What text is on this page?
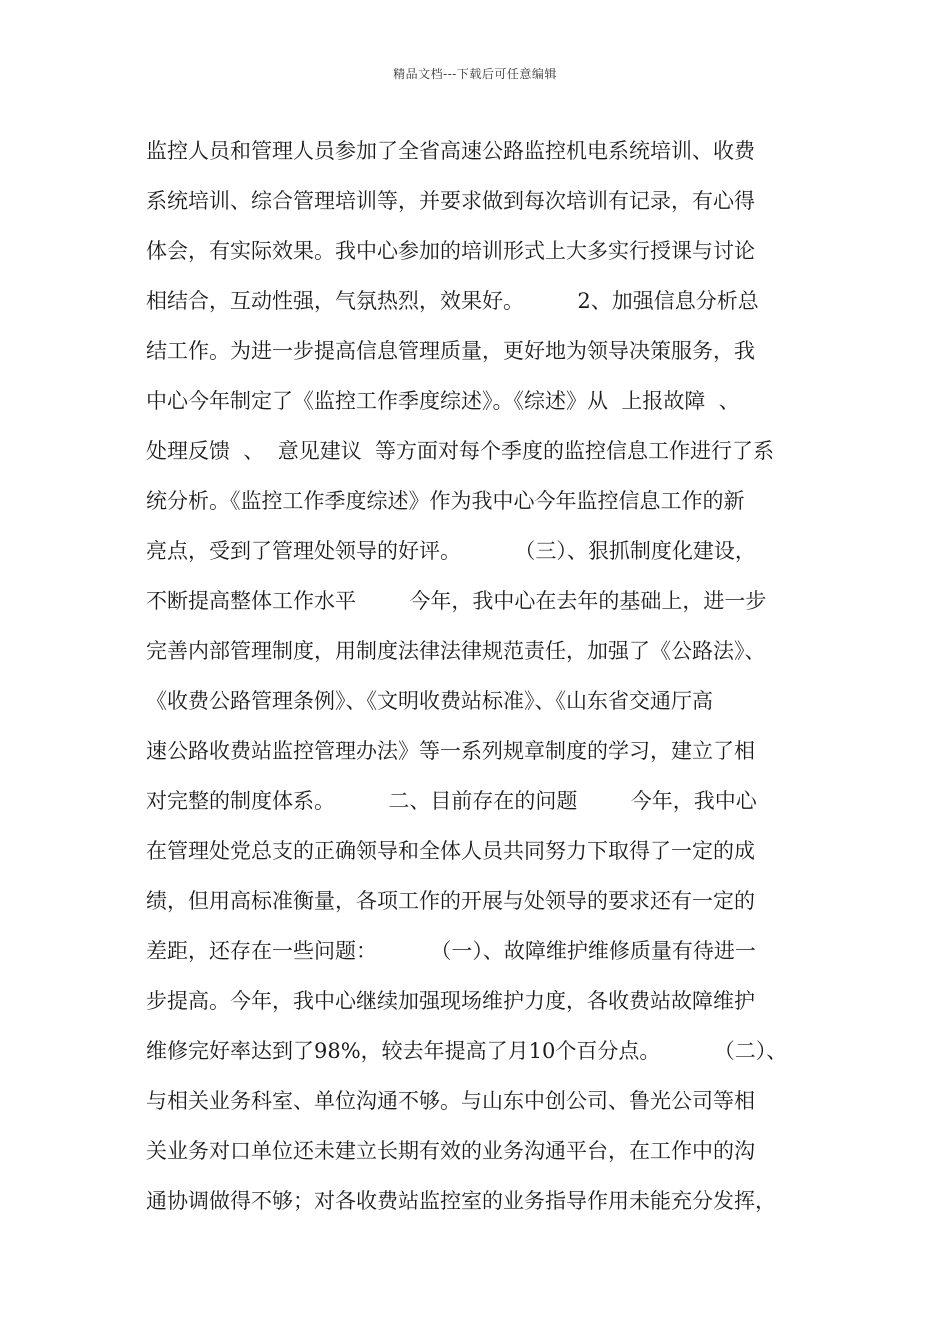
精品文档---下载后可任意编辑
监控人员和管理人员参加了全省高速公路监控机电系统培训、收费
系统培训、综合管理培训等，并要求做到每次培训有记录，有心得
体会，有实际效果。我中心参加的培训形式上大多实行授课与讨论
相结合，互动性强，气氛热烈，效果好。        2、加强信息分析总
结工作。为进一步提高信息管理质量，更好地为领导决策服务，我
中心今年制定了《监控工作季度综述》。《综述》从  上报故障  、
处理反馈  、  意见建议  等方面对每个季度的监控信息工作进行了系
统分析。《监控工作季度综述》作为我中心今年监控信息工作的新
亮点，受到了管理处领导的好评。        （三）、狠抓制度化建设，
不断提高整体工作水平        今年，我中心在去年的基础上，进一步
完善内部管理制度，用制度法律法律规范责任，加强了《公路法》、
《收费公路管理条例》、《文明收费站标准》、《山东省交通厅高
速公路收费站监控管理办法》等一系列规章制度的学习，建立了相
对完整的制度体系。        二、目前存在的问题        今年，我中心
在管理处党总支的正确领导和全体人员共同努力下取得了一定的成
绩，但用高标准衡量，各项工作的开展与处领导的要求还有一定的
差距，还存在一些问题：        （一）、故障维护维修质量有待进一
步提高。今年，我中心继续加强现场维护力度，各收费站故障维护
维修完好率达到了98%，较去年提高了月10个百分点。        （二）、
与相关业务科室、单位沟通不够。与山东中创公司、鲁光公司等相
关业务对口单位还未建立长期有效的业务沟通平台，在工作中的沟
通协调做得不够；对各收费站监控室的业务指导作用未能充分发挥，
